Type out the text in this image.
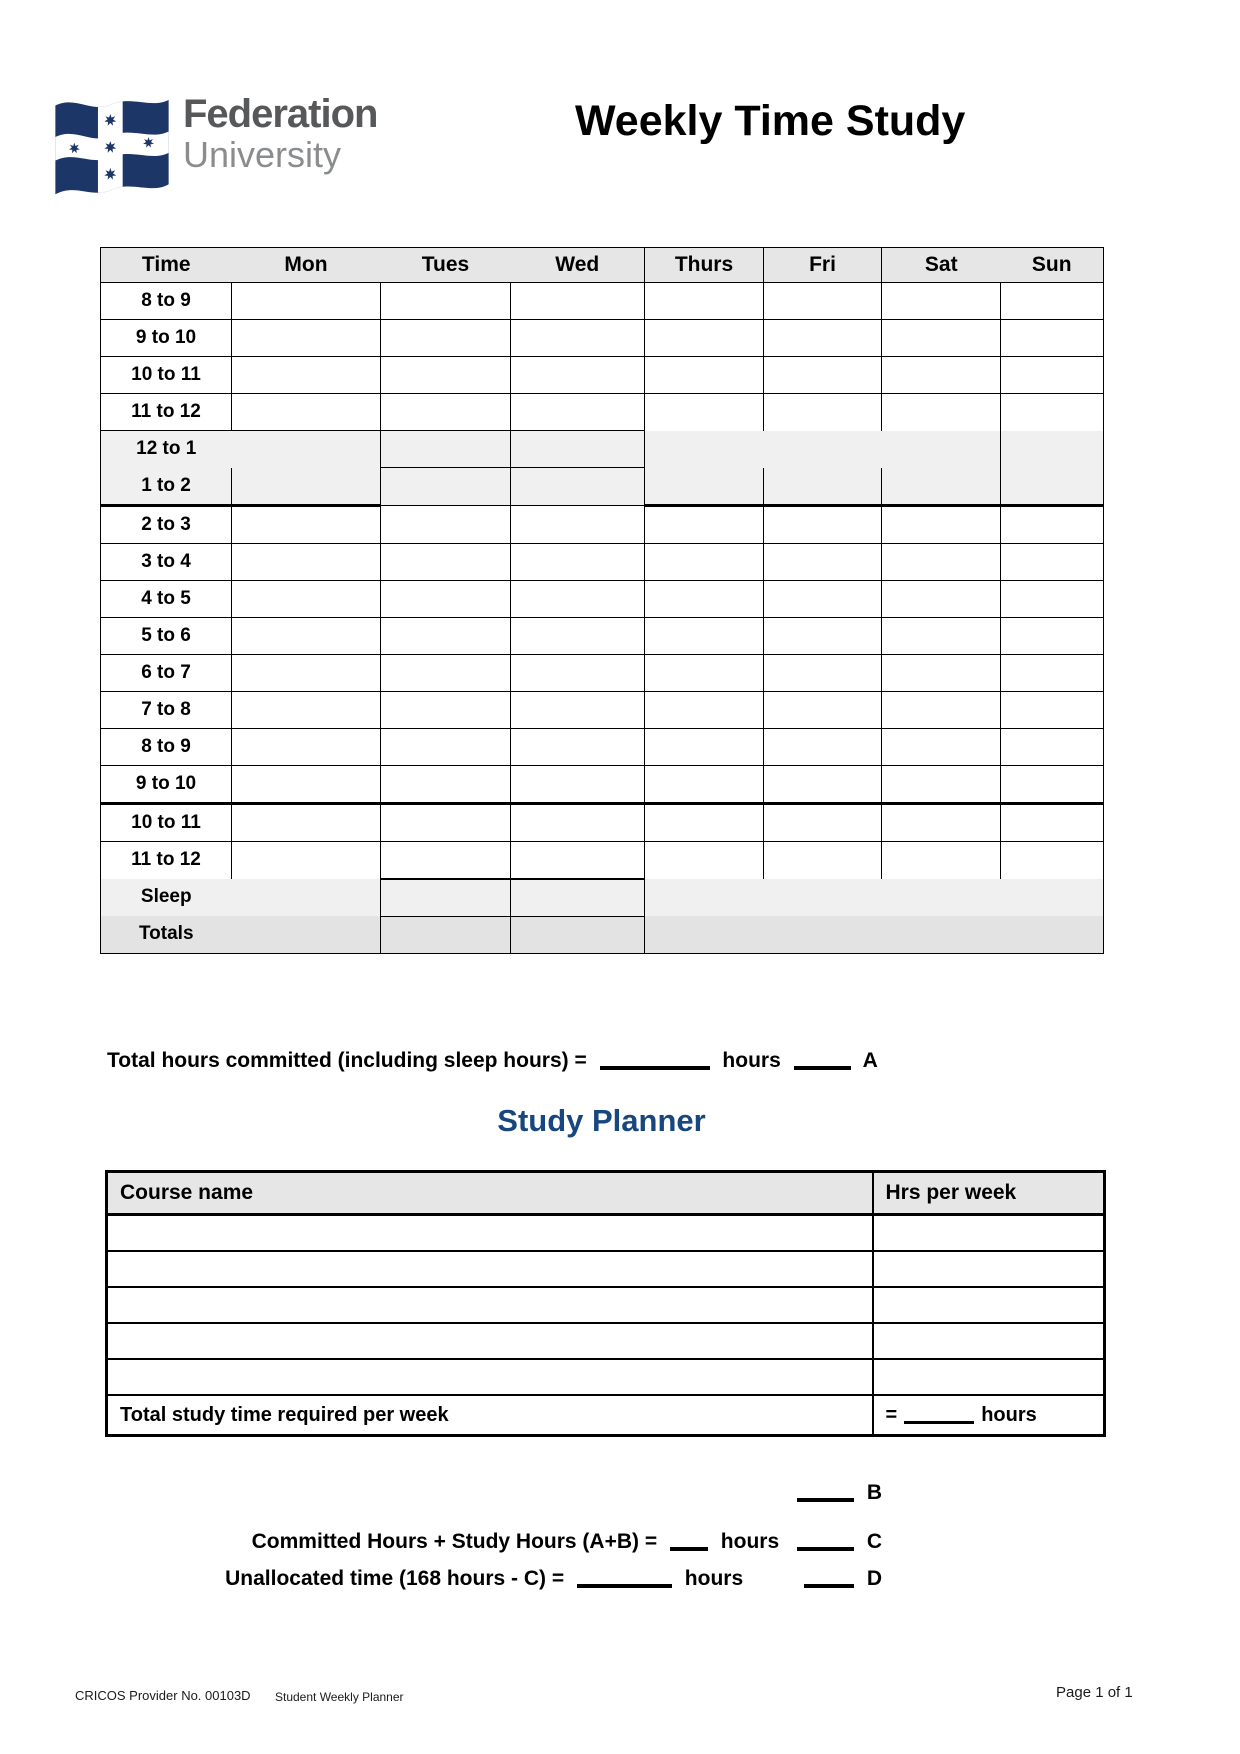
Federation
University
Weekly Time Study
Time	Mon	Tues	Wed	Thurs	Fri	Sat	Sun
8 to 9							
9 to 10							
10 to 11							
11 to 12							
12 to 1							
1 to 2							
2 to 3							
3 to 4							
4 to 5							
5 to 6							
6 to 7							
7 to 8							
8 to 9							
9 to 10							
10 to 11							
11 to 12							
Sleep							
Totals							
Total hours committed (including sleep hours) =	hours	A
Study Planner
Course name	Hrs per week

Total study time required per week	= hours
B
Committed Hours + Study Hours (A+B) =	hours	C
Unallocated time (168 hours - C) =	hours	D
CRICOS Provider No. 00103D Student Weekly Planner	Page 1 of 1
